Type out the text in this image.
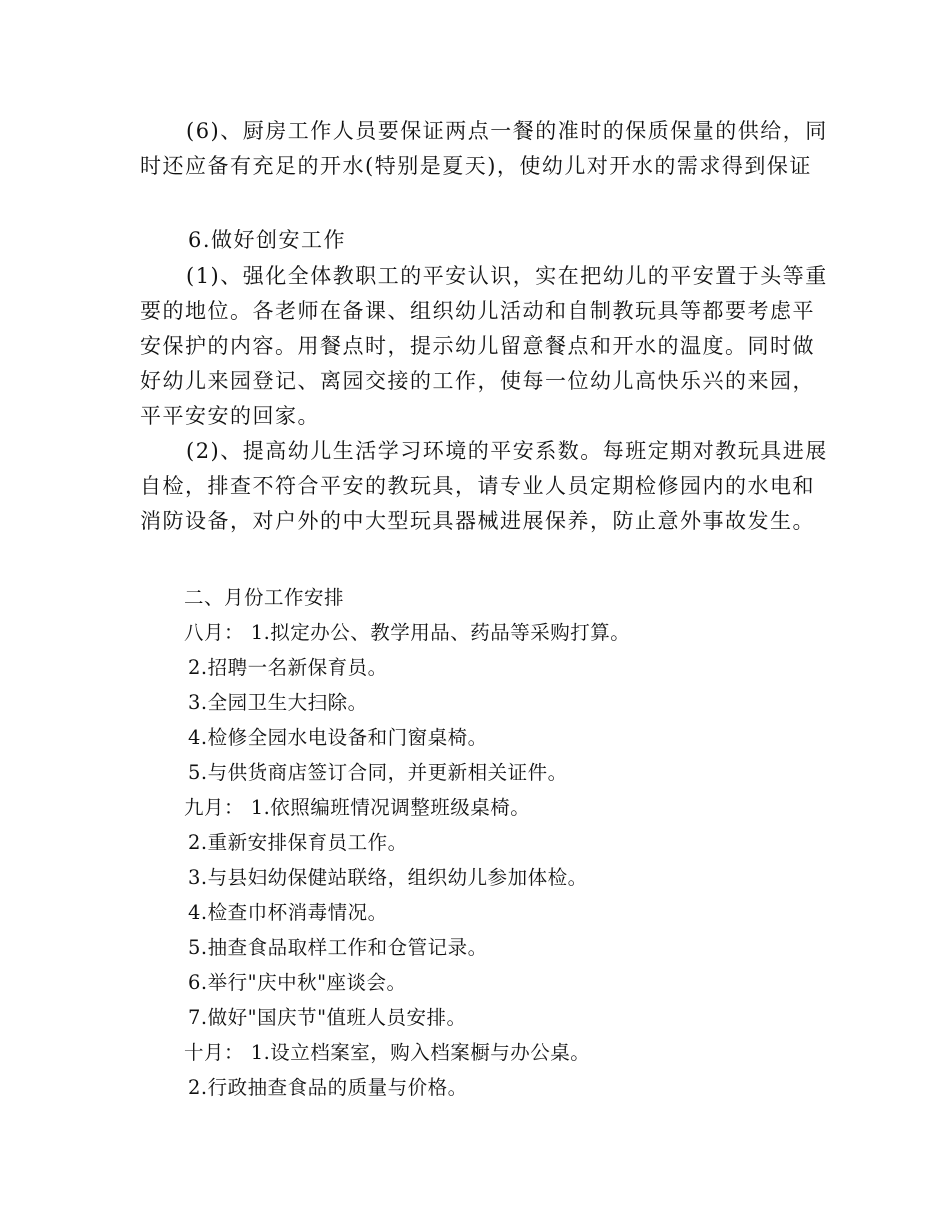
(6)、厨房工作人员要保证两点一餐的准时的保质保量的供给，同
时还应备有充足的开水(特别是夏天)，使幼儿对开水的需求得到保证
6.做好创安工作
(1)、强化全体教职工的平安认识，实在把幼儿的平安置于头等重
要的地位。各老师在备课、组织幼儿活动和自制教玩具等都要考虑平
安保护的内容。用餐点时，提示幼儿留意餐点和开水的温度。同时做
好幼儿来园登记、离园交接的工作，使每一位幼儿高快乐兴的来园，
平平安安的回家。
(2)、提高幼儿生活学习环境的平安系数。每班定期对教玩具进展
自检，排查不符合平安的教玩具，请专业人员定期检修园内的水电和
消防设备，对户外的中大型玩具器械进展保养，防止意外事故发生。
二、月份工作安排
八月： 1.拟定办公、教学用品、药品等采购打算。
2.招聘一名新保育员。
3.全园卫生大扫除。
4.检修全园水电设备和门窗桌椅。
5.与供货商店签订合同，并更新相关证件。
九月： 1.依照编班情况调整班级桌椅。
2.重新安排保育员工作。
3.与县妇幼保健站联络，组织幼儿参加体检。
4.检查巾杯消毒情况。
5.抽查食品取样工作和仓管记录。
6.举行"庆中秋"座谈会。
7.做好"国庆节"值班人员安排。
十月： 1.设立档案室，购入档案橱与办公桌。
2.行政抽查食品的质量与价格。
